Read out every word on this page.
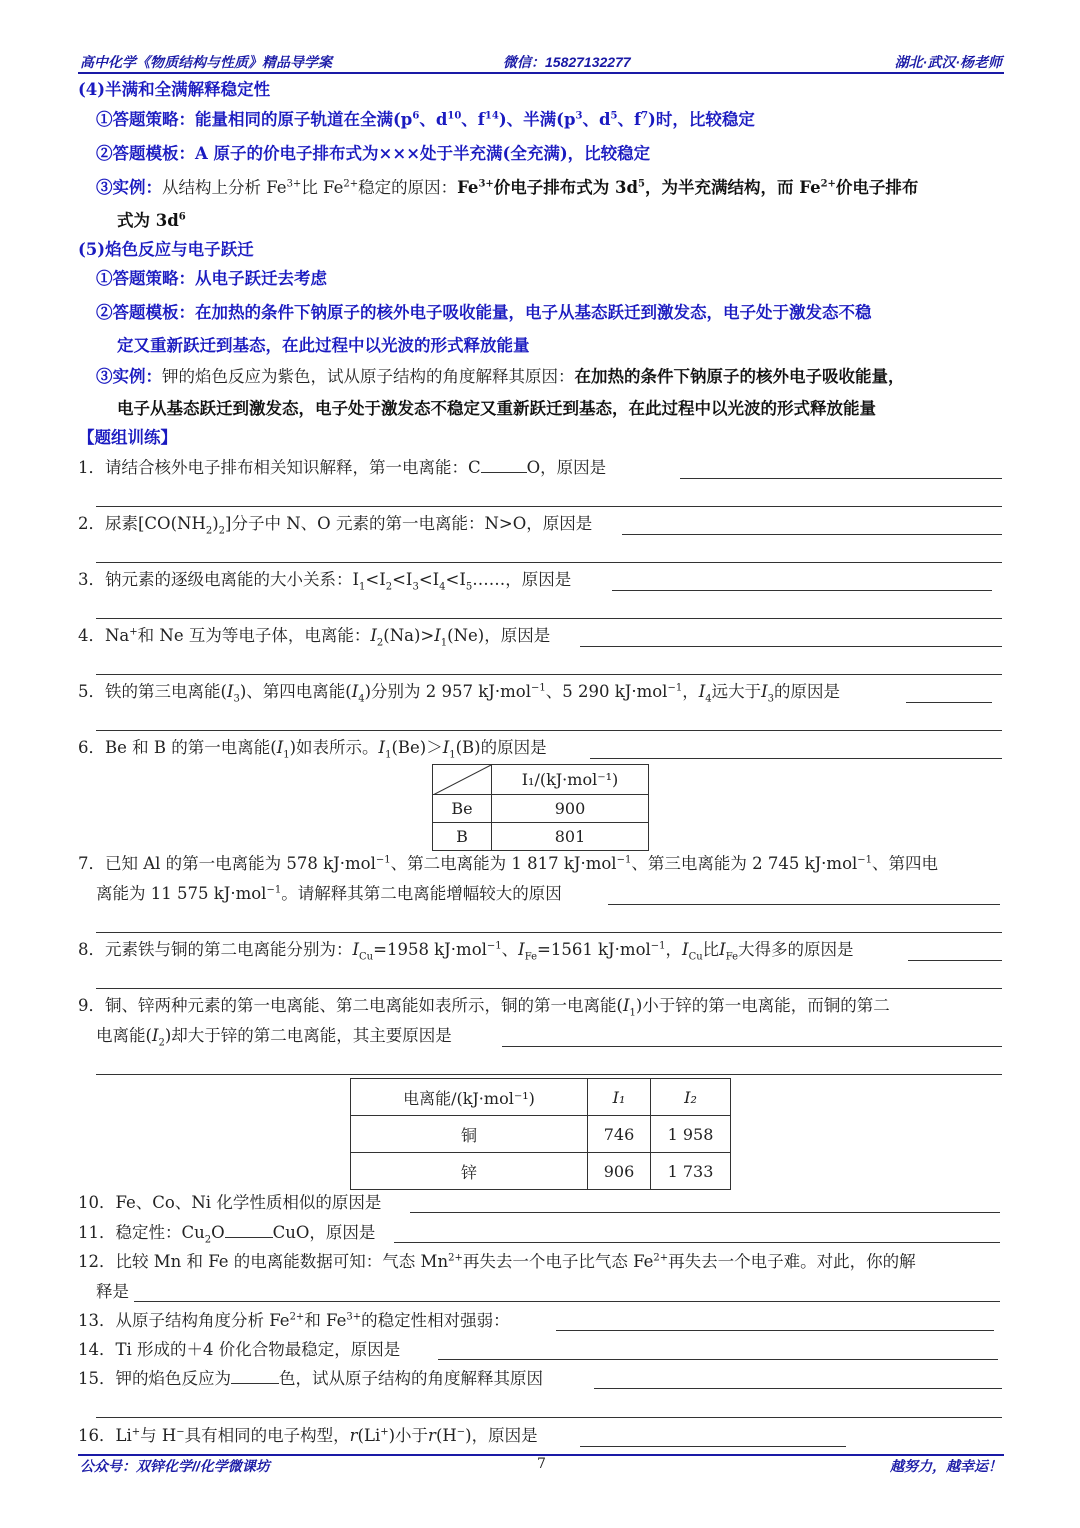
高中化学《物质结构与性质》精品导学案	微信：15827132277	湖北·武汉·杨老师
(4)半满和全满解释稳定性
①答题策略：能量相同的原子轨道在全满($p^6$、$d^{10}$、$f^{14}$)、半满($p^3$、$d^5$、$f^7$)时，比较稳定
②答题模板：A 原子的价电子排布式为×××处于半充满(全充满)，比较稳定
③实例：从结构上分析 $Fe^{3+}$比 $Fe^{2+}$稳定的原因：$Fe^{3+}$价电子排布式为 $3d^5$，为半充满结构，而 $Fe^{2+}$价电子排布
式为 $3d^6$
(5)焰色反应与电子跃迁
①答题策略：从电子跃迁去考虑
②答题模板：在加热的条件下钠原子的核外电子吸收能量，电子从基态跃迁到激发态，电子处于激发态不稳
定又重新跃迁到基态，在此过程中以光波的形式释放能量
③实例：钾的焰色反应为紫色，试从原子结构的角度解释其原因：在加热的条件下钠原子的核外电子吸收能量，
电子从基态跃迁到激发态，电子处于激发态不稳定又重新跃迁到基态，在此过程中以光波的形式释放能量
【题组训练】
1．请结合核外电子排布相关知识解释，第一电离能：C	O，原因是
2．尿素$[CO(NH_2)_2]$分子中 N、O 元素的第一电离能：N>O，原因是
3．钠元素的逐级电离能的大小关系：$I_1<I_2<I_3<I_4<I_5\dots\dots$，原因是
4．Na+和 Ne 互为等电子体，电离能：$I_2(Na)>I_1(Ne)$，原因是
5．铁的第三电离能$(I_3)$、第四电离能$(I_4)$分别为 2 957 kJ·mol$^{-1}$、5 290 kJ·mol$^{-1}$，$I_4$远大于$I_3$的原因是
6．Be 和 B 的第一电离能$(I_1)$如表所示。$I_1(Be)>I_1(B)$的原因是
	I₁/(kJ·mol⁻¹)
Be	900
B	801
7．已知 Al 的第一电离能为 578 kJ·mol$^{-1}$、第二电离能为 1 817 kJ·mol$^{-1}$、第三电离能为 2 745 kJ·mol$^{-1}$、第四电
离能为 11 575 kJ·mol$^{-1}$。请解释其第二电离能增幅较大的原因
8．元素铁与铜的第二电离能分别为：$I_{Cu}=1958$ kJ·mol$^{-1}$、$I_{Fe}=1561$ kJ·mol$^{-1}$，$I_{Cu}$比$I_{Fe}$大得多的原因是
9．铜、锌两种元素的第一电离能、第二电离能如表所示，铜的第一电离能$(I_1)$小于锌的第一电离能，而铜的第二
电离能$(I_2)$却大于锌的第二电离能，其主要原因是
电离能/(kJ·mol⁻¹)	I₁	I₂
铜	746	1 958
锌	906	1 733
10．Fe、Co、Ni 化学性质相似的原因是
11．稳定性：$Cu_2O$	CuO，原因是
12．比较 Mn 和 Fe 的电离能数据可知：气态 $Mn^{2+}$再失去一个电子比气态 $Fe^{2+}$再失去一个电子难。对此，你的解
释是
13．从原子结构角度分析 $Fe^{2+}$和 $Fe^{3+}$的稳定性相对强弱：
14．Ti 形成的＋4 价化合物最稳定，原因是
15．钾的焰色反应为	色，试从原子结构的角度解释其原因
16．Li+与 H−具有相同的电子构型，r(Li+)小于r(H−)，原因是
公众号：双锌化学//化学微课坊	7	越努力，越幸运！
